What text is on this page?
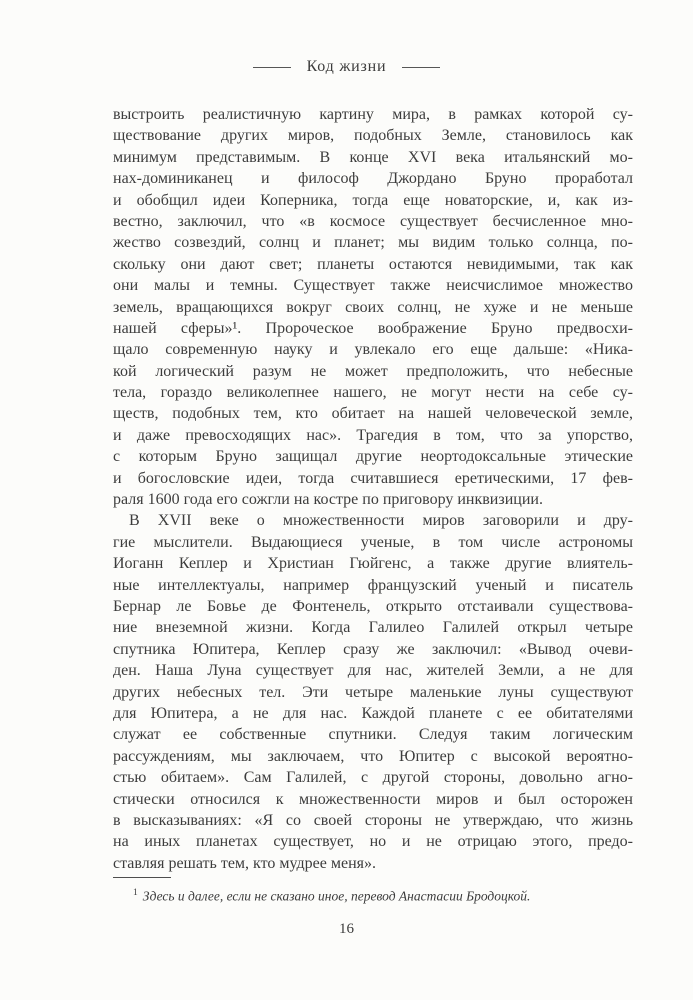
Код жизни
выстроить реалистичную картину мира, в рамках которой су-
ществование других миров, подобных Земле, становилось как
минимум представимым. В конце XVI века итальянский мо-
нах-доминиканец и философ Джордано Бруно проработал
и обобщил идеи Коперника, тогда еще новаторские, и, как из-
вестно, заключил, что «в космосе существует бесчисленное мно-
жество созвездий, солнц и планет; мы видим только солнца, по-
скольку они дают свет; планеты остаются невидимыми, так как
они малы и темны. Существует также неисчислимое множество
земель, вращающихся вокруг своих солнц, не хуже и не меньше
нашей сферы»¹. Пророческое воображение Бруно предвосхи-
щало современную науку и увлекало его еще дальше: «Ника-
кой логический разум не может предположить, что небесные
тела, гораздо великолепнее нашего, не могут нести на себе су-
ществ, подобных тем, кто обитает на нашей человеческой земле,
и даже превосходящих нас». Трагедия в том, что за упорство,
с которым Бруно защищал другие неортодоксальные этические
и богословские идеи, тогда считавшиеся еретическими, 17 фев-
раля 1600 года его сожгли на костре по приговору инквизиции.
В XVII веке о множественности миров заговорили и дру-
гие мыслители. Выдающиеся ученые, в том числе астрономы
Иоганн Кеплер и Христиан Гюйгенс, а также другие влиятель-
ные интеллектуалы, например французский ученый и писатель
Бернар ле Бовье де Фонтенель, открыто отстаивали существова-
ние внеземной жизни. Когда Галилео Галилей открыл четыре
спутника Юпитера, Кеплер сразу же заключил: «Вывод очеви-
ден. Наша Луна существует для нас, жителей Земли, а не для
других небесных тел. Эти четыре маленькие луны существуют
для Юпитера, а не для нас. Каждой планете с ее обитателями
служат ее собственные спутники. Следуя таким логическим
рассуждениям, мы заключаем, что Юпитер с высокой вероятно-
стью обитаем». Сам Галилей, с другой стороны, довольно агно-
стически относился к множественности миров и был осторожен
в высказываниях: «Я со своей стороны не утверждаю, что жизнь
на иных планетах существует, но и не отрицаю этого, предо-
ставляя решать тем, кто мудрее меня».
$^1$ Здесь и далее, если не сказано иное, перевод Анастасии Бродоцкой.
16
